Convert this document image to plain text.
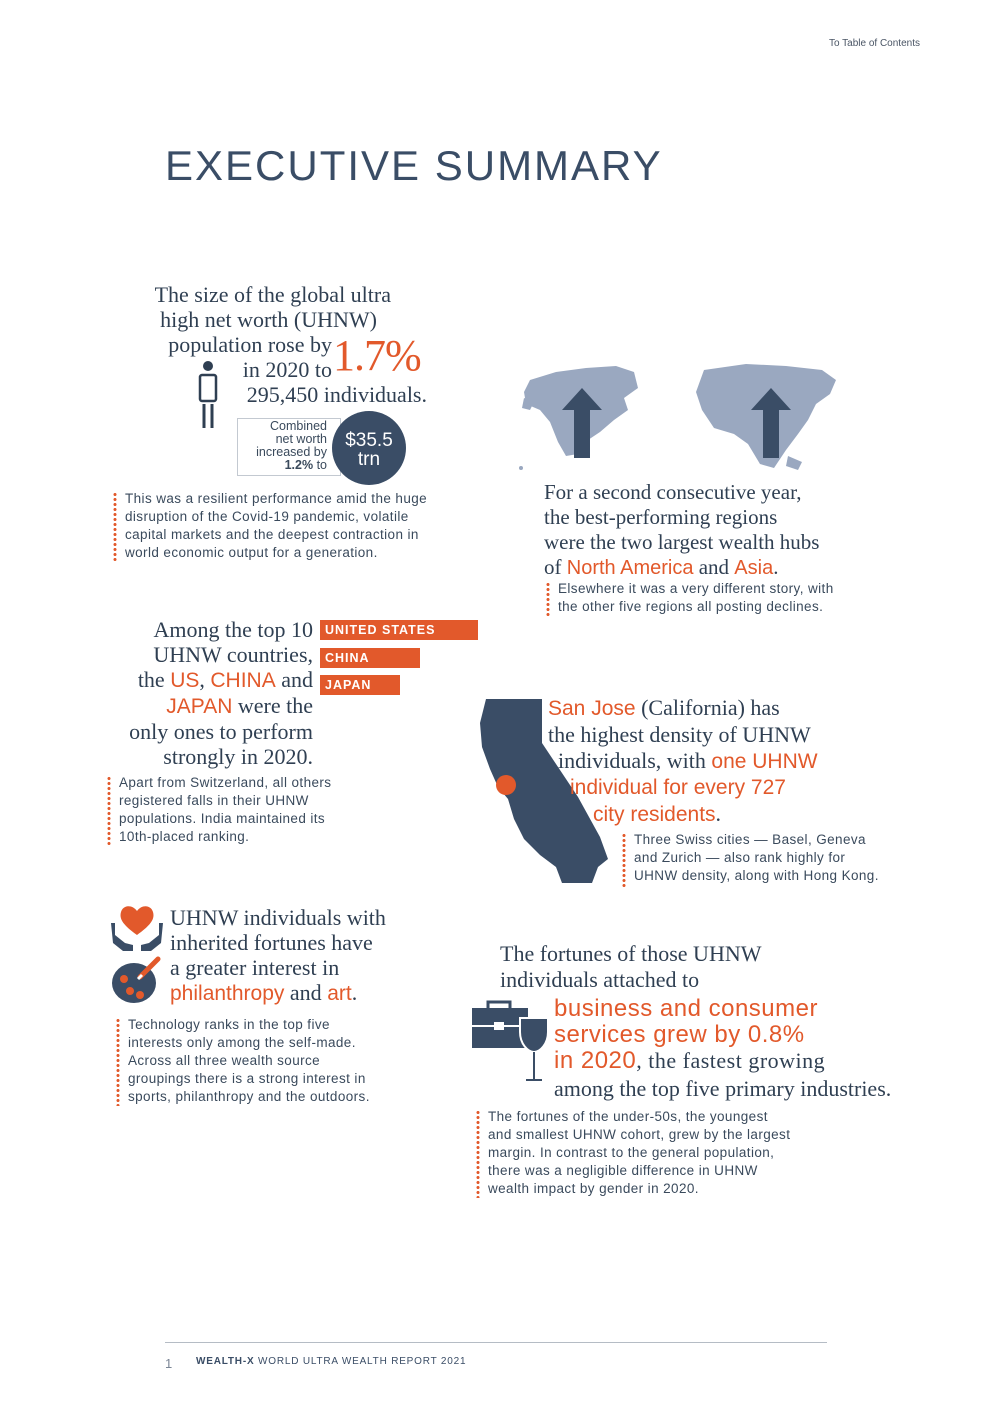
To Table of Contents
EXECUTIVE SUMMARY
The size of the global ultra
high net worth (UHNW)
population rose by
in 2020 to
295,450 individuals.
1.7%
Combined
net worth
increased by
1.2% to
$35.5
trn
This was a resilient performance amid the huge
disruption of the Covid-19 pandemic, volatile
capital markets and the deepest contraction in
world economic output for a generation.
For a second consecutive year,
the best-performing regions
were the two largest wealth hubs
of North America and Asia.
Elsewhere it was a very different story, with
the other five regions all posting declines.
UNITED STATES
CHINA
JAPAN
Among the top 10
UHNW countries,
the US, CHINA and
JAPAN were the
only ones to perform
strongly in 2020.
Apart from Switzerland, all others
registered falls in their UHNW
populations. India maintained its
10th-placed ranking.
San Jose (California) has
the highest density of UHNW
individuals, with one UHNW
individual for every 727
city residents.
Three Swiss cities — Basel, Geneva
and Zurich — also rank highly for
UHNW density, along with Hong Kong.
UHNW individuals with
inherited fortunes have
a greater interest in
philanthropy and art.
Technology ranks in the top five
interests only among the self-made.
Across all three wealth source
groupings there is a strong interest in
sports, philanthropy and the outdoors.
The fortunes of those UHNW
individuals attached to
business and consumer
services grew by 0.8%
in 2020, the fastest growing
among the top five primary industries.
The fortunes of the under-50s, the youngest
and smallest UHNW cohort, grew by the largest
margin. In contrast to the general population,
there was a negligible difference in UHNW
wealth impact by gender in 2020.
1 WEALTH-X WORLD ULTRA WEALTH REPORT 2021
